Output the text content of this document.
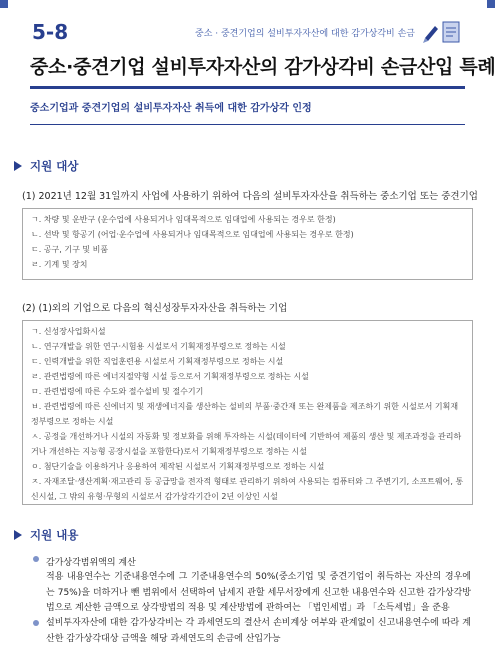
5-8	중소 · 중견기업의 설비투자자산에 대한 감가상각비 손금
중소·중견기업 설비투자자산의 감가상각비 손금산입 특례
중소기업과 중견기업의 설비투자자산 취득에 대한 감가상각 인정
지원 대상
(1) 2021년 12월 31일까지 사업에 사용하기 위하여 다음의 설비투자자산을 취득하는 중소기업 또는 중견기업
ㄱ. 차량 및 운반구 (운수업에 사용되거나 임대목적으로 임대업에 사용되는 경우로 한정)
ㄴ. 선박 및 항공기 (어업·운수업에 사용되거나 임대목적으로 임대업에 사용되는 경우로 한정)
ㄷ. 공구, 기구 및 비품
ㄹ. 기계 및 장치
(2) (1)외의 기업으로 다음의 혁신성장투자자산을 취득하는 기업
ㄱ. 신성장사업화시설
ㄴ. 연구개발을 위한 연구·시험용 시설로서 기획재정부령으로 정하는 시설
ㄷ. 인력개발을 위한 직업훈련용 시설로서 기획재정부령으로 정하는 시설
ㄹ. 관련법령에 따른 에너지절약형 시설 등으로서 기획재정부령으로 정하는 시설
ㅁ. 관련법령에 따른 수도와 절수설비 및 절수기기
ㅂ. 관련법령에 따른 신에너지 및 재생에너지를 생산하는 설비의 부품·중간재 또는 완제품을 제조하기 위한 시설로서 기획재정부령으로 정하는 시설
ㅅ. 공정을 개선하거나 시설의 자동화 및 정보화를 위해 투자하는 시설(데이터에 기반하여 제품의 생산 및 제조과정을 관리하거나 개선하는 지능형 공장시설을 포함한다)로서 기획재정부령으로 정하는 시설
ㅇ. 첨단기술을 이용하거나 응용하여 제작된 시설로서 기획재정부령으로 정하는 시설
ㅈ. 자재조달·생산계획·재고관리 등 공급망을 전자적 형태로 관리하기 위하여 사용되는 컴퓨터와 그 주변기기, 소프트웨어, 통신시설, 그 밖의 유형·무형의 시설로서 감가상각기간이 2년 이상인 시설
지원 내용
감가상각범위액의 계산
적용 내용연수는 기준내용연수에 그 기준내용연수의 50%(중소기업 및 중견기업이 취득하는 자산의 경우에는 75%)을 더하거나 뺀 범위에서 선택하여 납세지 관할 세무서장에게 신고한 내용연수와 신고한 감가상각방법으로 계산한 금액으로 상각방법의 적용 및 계산방법에 관하여는 「법인세법」과 「소득세법」을 준용
설비투자자산에 대한 감가상각비는 각 과세연도의 결산서 손비계상 여부와 관계없이 신고내용연수에 따라 계산한 감가상각대상 금액을 해당 과세연도의 손금에 산입가능
